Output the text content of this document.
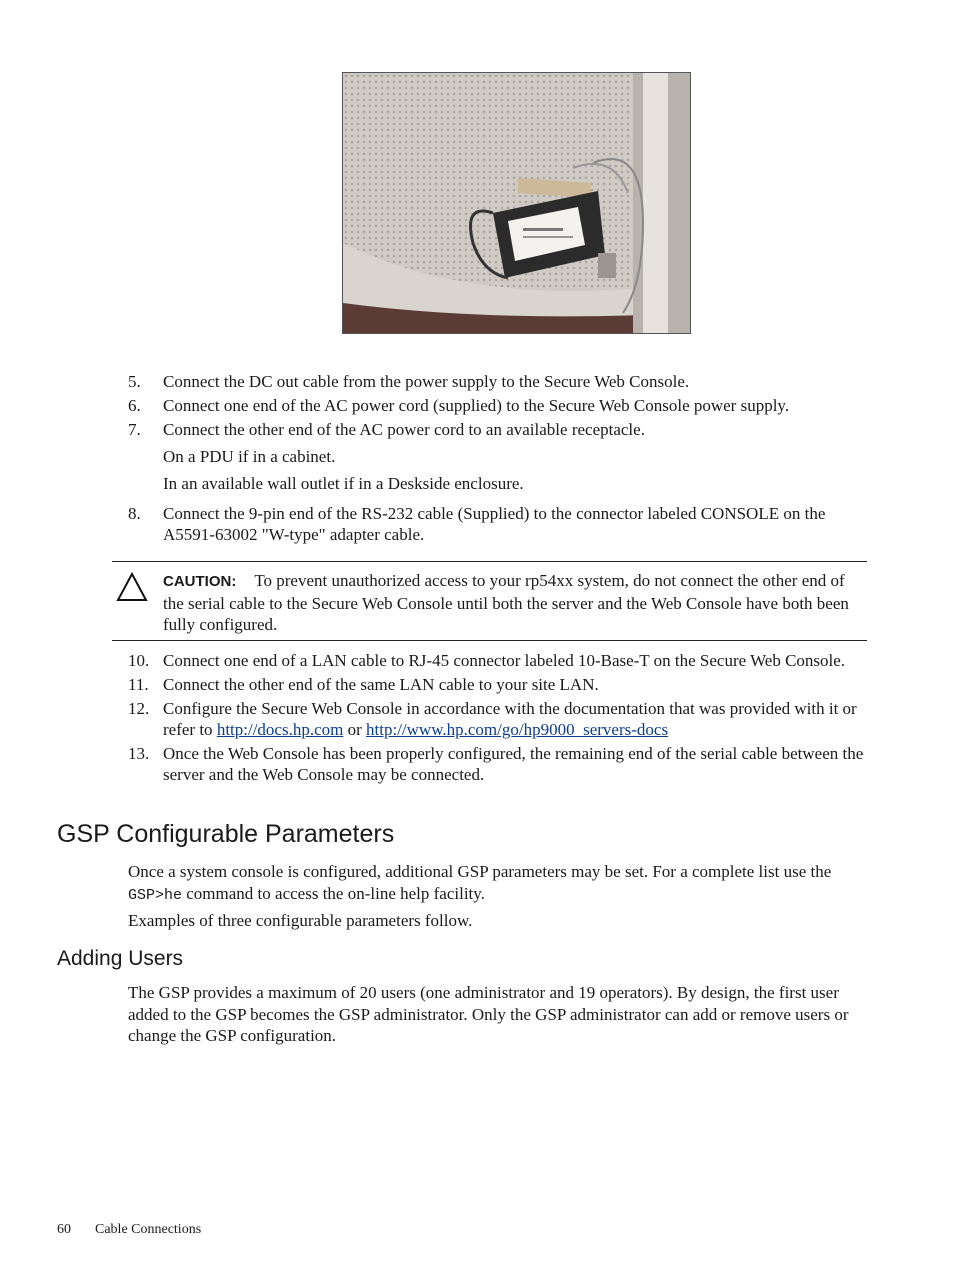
5.	Connect the DC out cable from the power supply to the Secure Web Console.
6.	Connect one end of the AC power cord (supplied) to the Secure Web Console power supply.
7.	Connect the other end of the AC power cord to an available receptacle.

On a PDU if in a cabinet.

In an available wall outlet if in a Deskside enclosure.

8.	Connect the 9-pin end of the RS-232 cable (Supplied) to the connector labeled CONSOLE on the A5591-63002 "W-type" adapter cable.
CAUTION: To prevent unauthorized access to your rp54xx system, do not connect the other end of the serial cable to the Secure Web Console until both the server and the Web Console have both been fully configured.
10. Connect one end of a LAN cable to RJ-45 connector labeled 10-Base-T on the Secure Web Console.
11. Connect the other end of the same LAN cable to your site LAN.
12. Configure the Secure Web Console in accordance with the documentation that was provided with it or refer to http://docs.hp.com or http://www.hp.com/go/hp9000_servers-docs
13. Once the Web Console has been properly configured, the remaining end of the serial cable between the server and the Web Console may be connected.
GSP Configurable Parameters

Once a system console is configured, additional GSP parameters may be set. For a complete list use the GSP>he command to access the on-line help facility.

Examples of three configurable parameters follow.

Adding Users

The GSP provides a maximum of 20 users (one administrator and 19 operators). By design, the first user added to the GSP becomes the GSP administrator. Only the GSP administrator can add or remove users or change the GSP configuration.

60 Cable Connections
